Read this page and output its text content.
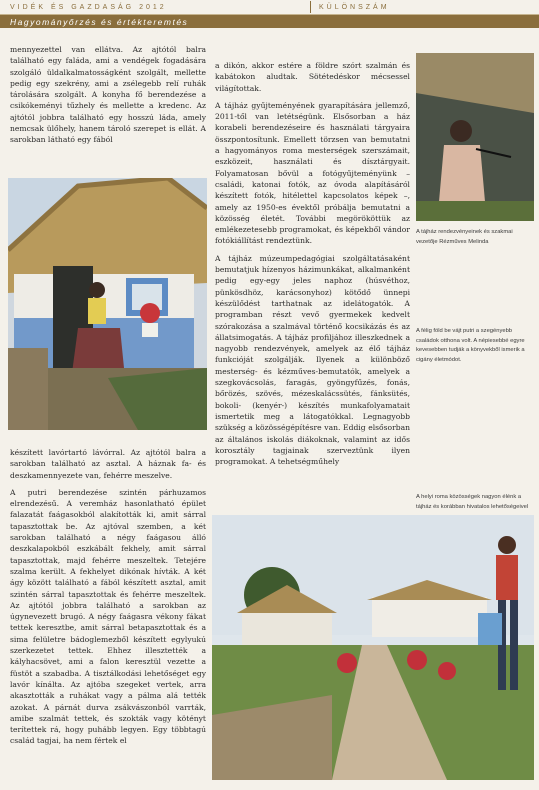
VIDÉK ÉS GAZDASÁG 2012	KÜLÖNSZÁM
Hagyományőrzés és értékteremtés

mennyezettel van ellátva. Az ajtótól balra található egy faláda, ami a vendégek fogadására szolgáló üldalkalmatosságként szolgált, mellette pedig egy szekrény, ami a zsélegebb relí ruhák tárolására szolgált. A konyha fő berendezése a csikókeményi tűzhely és mellette a kredenc. Az ajtótól jobbra található egy hosszú láda, amely nemcsak ülőhely, hanem tároló szerepet is ellát. A sarokban látható egy fából

készített lavórtartó lávórral. Az ajtótól balra a sarokban található az asztal. A háznak fa- és deszkamennyezete van, fehérre meszelve.

A putri berendezése szintén párhuzamos elrendezésű. A veremház hasonlatható épület falazatát faágasokból alakították ki, amit sárral tapasztottak be. Az ajtóval szemben, a két sarokban található a négy faágasou álló deszkalapokból eszkábált fekhely, amit sárral tapasztottak, majd fehérre meszeltek. Tetejére szalma került. A fekhelyet dikónak hívták. A két ágy között található a fából készített asztal, amit szintén sárral tapasztottak és fehérre meszeltek. Az ajtótól jobbra található a sarokban az úgynevezett brugó. A négy faágasra vékony fákat tettek keresztbe, amit sárral betapasztottak és a sima felületre bádoglemezből készített egylyukú szerkezetet tettek. Ehhez illesztették a kályhacsövet, ami a falon keresztül vezette a füstöt a szabadba. A tisztálkodási lehetőséget egy lavór kínálta. Az ajtóba szegeket vertek, arra akasztották a ruhákat vagy a pálma alá tették azokat. A párnát durva zsákvászonból varrták, amibe szalmát tettek, és szokták vagy kötényt terítettek rá, hogy puhább legyen. Egy többtagú család tagjai, ha nem fértek el

a dikón, akkor estére a földre szórt szalmán és kabátokon aludtak. Sötétedéskor mécsessel világítottak.

A tájház gyűjteményének gyarapítására jellemző, 2011-től van letétségünk. Elsősorban a ház korabeli berendezéseire és használati tárgyaira összpontosítunk. Emellett törzsen van bemutatni a hagyományos roma mesterségek szerszámait, eszközeit, használati és dísztárgyait. Folyamatosan bővül a fotógyűjteményünk – családi, katonai fotók, az óvoda alapításáról készített fotók, hitélettel kapcsolatos képek –, amely az 1950-es évektől próbálja bemutatni a közösség életét. További megörököttük az emlékezetesebb programokat, és képekből vándor fotókiállítást rendeztünk.

A tájház múzeumpedagógiai szolgáltatásaként bemutatjuk hízenyos házimunkákat, alkalmanként pedig egy-egy jeles naphoz (húsvéthoz, pünkösdhöz, karácsonyhoz) kötődő ünnepi készülődést tarthatnak az idelátogatók. A programban részt vevő gyermekek kedvelt szórakozása a szalmával történő kocsikázás és az állatsimogatás. A tájház profiljához illeszkednek a nagyobb rendezvények, amelyek az élő tájház funkcióját szolgálják. Ilyenek a különböző mesterség- és kézműves-bemutatók, amelyek a szegkovácsolás, faragás, gyöngyfűzés, fonás, bőrözés, szövés, mézeskalácssütés, fánksütés, bokoli- (kenyér-) készítés munkafolyamatait ismertetik meg a látogatókkal. Legnagyobb szükség a közösségépítésre van. Eddig elsősorban az általános iskolás diákoknak, valamint az idős korosztály tagjainak szerveztünk ilyen programokat. A tehetségműhely

A tájház rendezvényeinek és szakmai vezetője Rézműves Melinda
A félig föld be vájt putri a szegényebb családok otthona volt. A népiesebbé egyre kevesebben tudják a könyvekből ismerik a cigány életmódot.
A helyi roma közösségek nagyon élénk a tájház és korábban hivatalos lehetőségeivel
